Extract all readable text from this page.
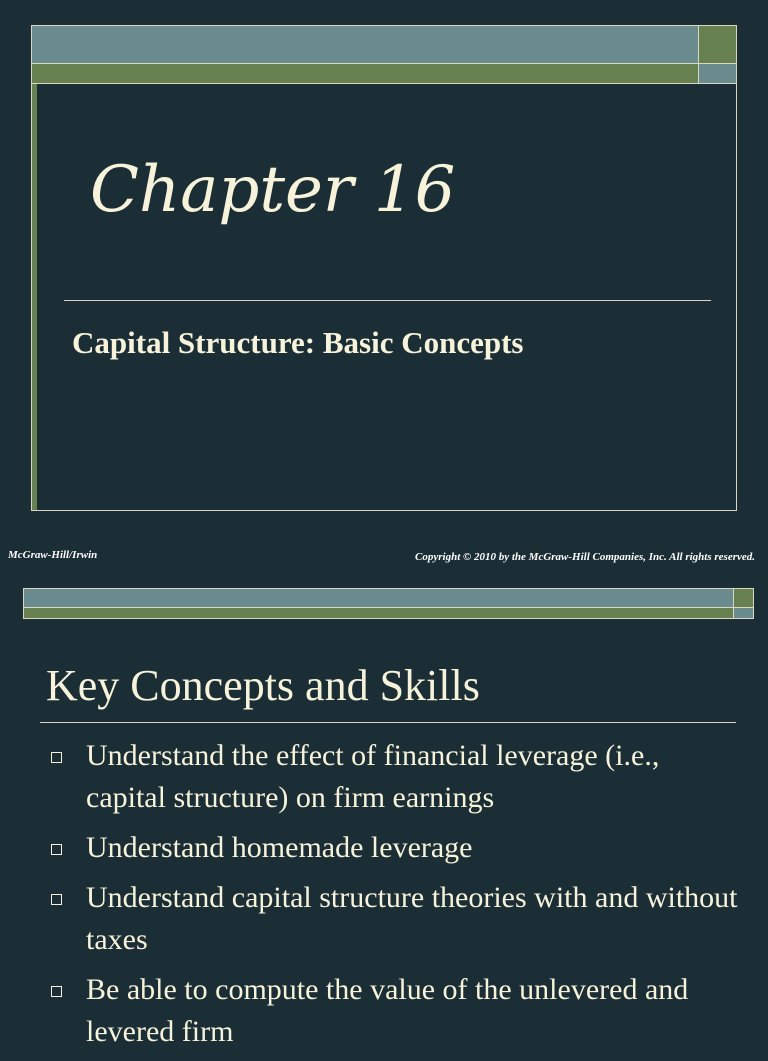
Chapter 16
Capital Structure: Basic Concepts
McGraw-Hill/Irwin	Copyright © 2010 by the McGraw-Hill Companies, Inc. All rights reserved.
Key Concepts and Skills
Understand the effect of financial leverage (i.e., capital structure) on firm earnings
Understand homemade leverage
Understand capital structure theories with and without taxes
Be able to compute the value of the unlevered and levered firm
